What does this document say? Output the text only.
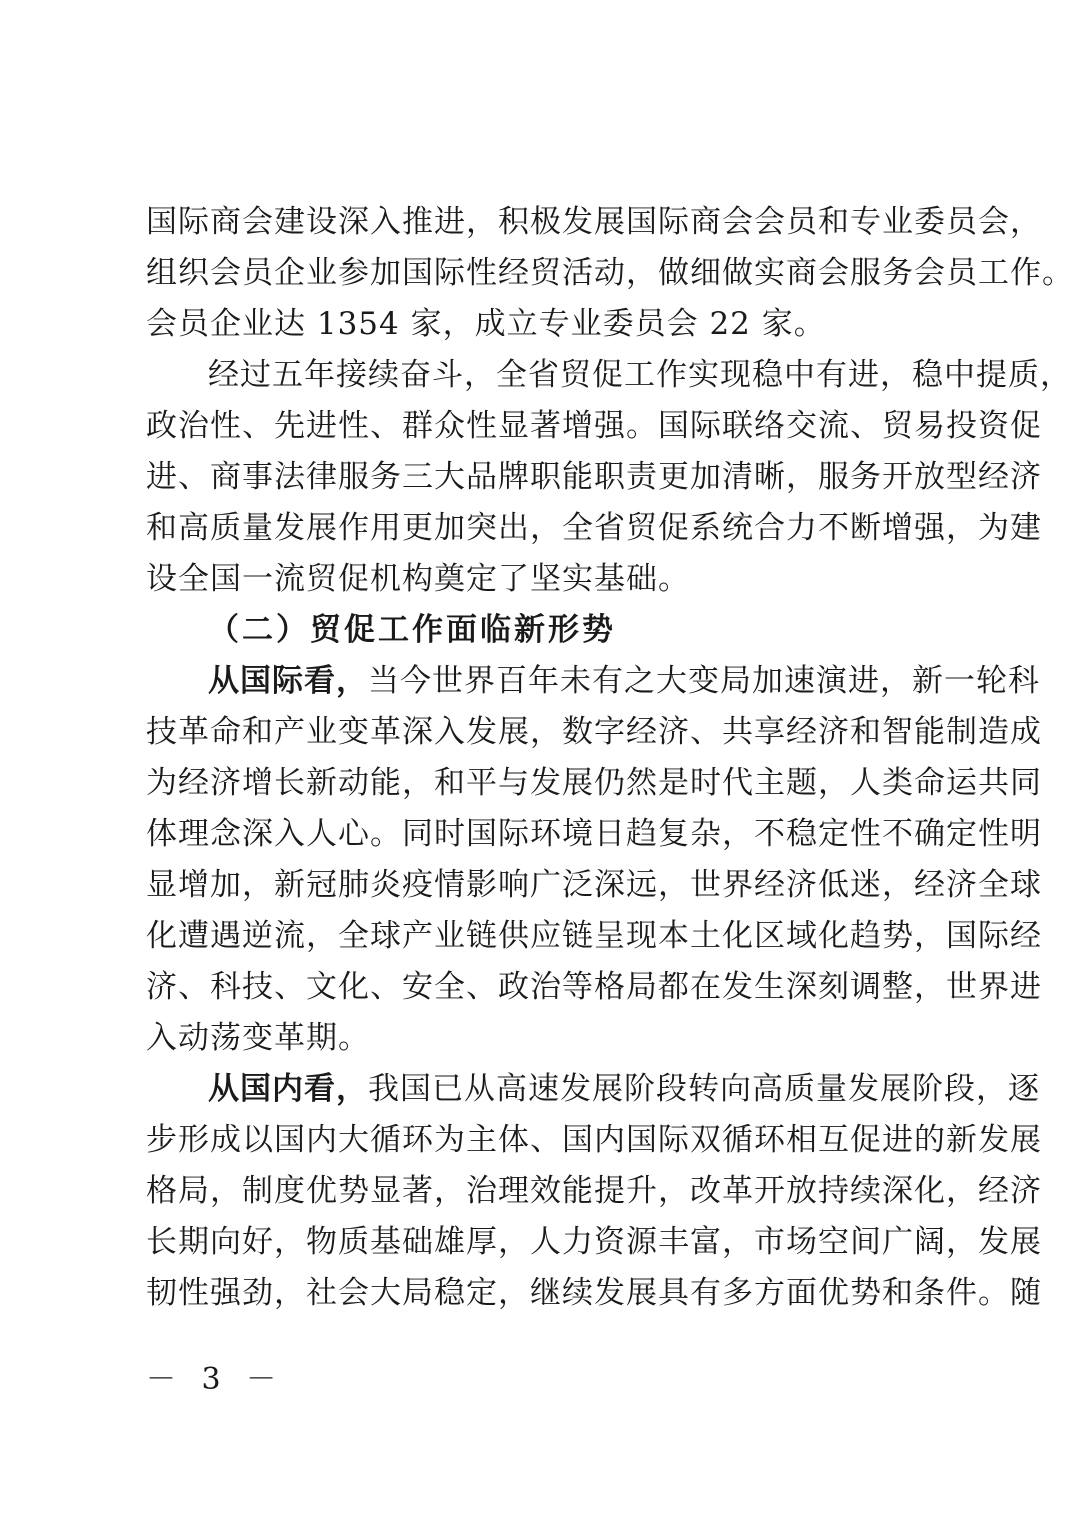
国际商会建设深入推进，积极发展国际商会会员和专业委员会，
组织会员企业参加国际性经贸活动，做细做实商会服务会员工作。
会员企业达 1354 家，成立专业委员会 22 家。
经过五年接续奋斗，全省贸促工作实现稳中有进，稳中提质，
政治性、先进性、群众性显著增强。国际联络交流、贸易投资促
进、商事法律服务三大品牌职能职责更加清晰，服务开放型经济
和高质量发展作用更加突出，全省贸促系统合力不断增强，为建
设全国一流贸促机构奠定了坚实基础。
（二）贸促工作面临新形势
从国际看，当今世界百年未有之大变局加速演进，新一轮科
技革命和产业变革深入发展，数字经济、共享经济和智能制造成
为经济增长新动能，和平与发展仍然是时代主题，人类命运共同
体理念深入人心。同时国际环境日趋复杂，不稳定性不确定性明
显增加，新冠肺炎疫情影响广泛深远，世界经济低迷，经济全球
化遭遇逆流，全球产业链供应链呈现本土化区域化趋势，国际经
济、科技、文化、安全、政治等格局都在发生深刻调整，世界进
入动荡变革期。
从国内看，我国已从高速发展阶段转向高质量发展阶段，逐
步形成以国内大循环为主体、国内国际双循环相互促进的新发展
格局，制度优势显著，治理效能提升，改革开放持续深化，经济
长期向好，物质基础雄厚，人力资源丰富，市场空间广阔，发展
韧性强劲，社会大局稳定，继续发展具有多方面优势和条件。随
－ 3 －
